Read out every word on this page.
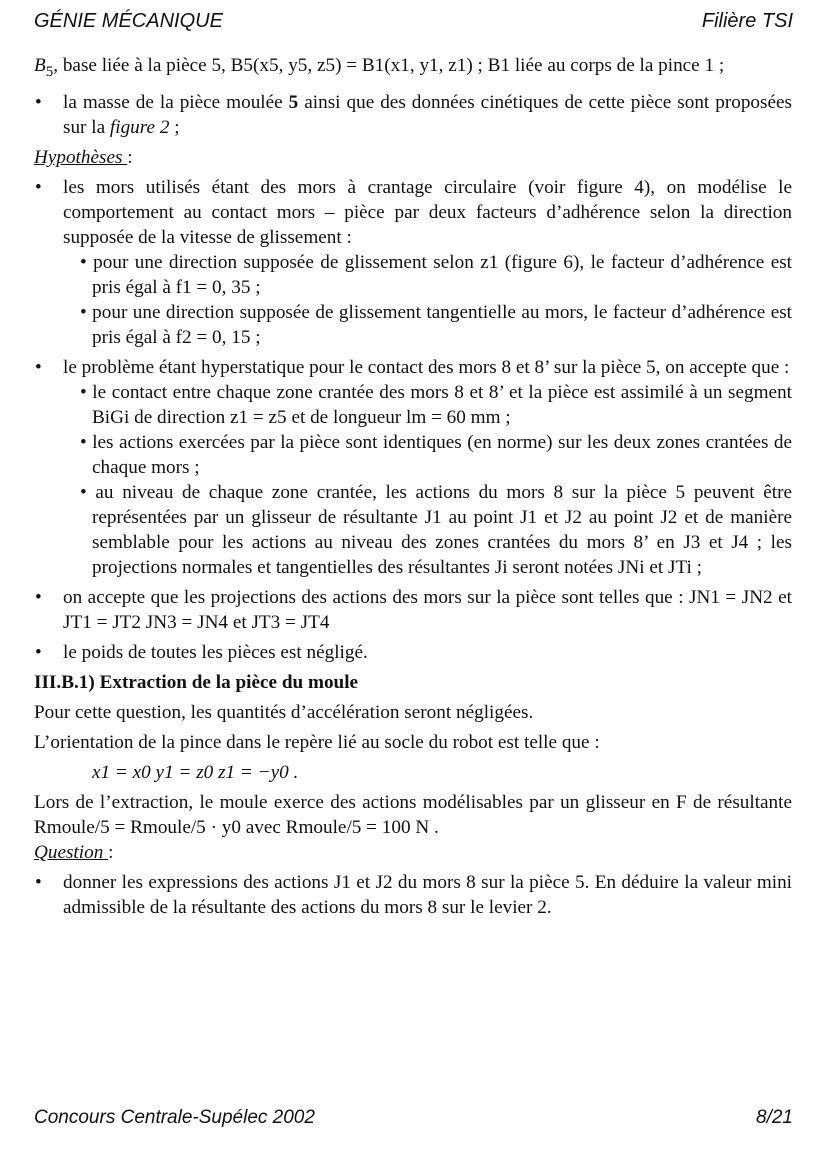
GÉNIE MÉCANIQUE	Filière TSI

$B_5$, base liée à la pièce 5, B5(x5, y5, z5) = B1(x1, y1, z1) ; B1 liée au corps de la pince 1 ;

• la masse de la pièce moulée 5 ainsi que des données cinétiques de cette pièce sont proposées sur la figure 2 ;

Hypothèses :

• les mors utilisés étant des mors à crantage circulaire (voir figure 4), on modélise le comportement au contact mors – pièce par deux facteurs d’adhérence selon la direction supposée de la vitesse de glissement :

• pour une direction supposée de glissement selon z1 (figure 6), le facteur d’adhérence est pris égal à f1 = 0, 35 ;

• pour une direction supposée de glissement tangentielle au mors, le facteur d’adhérence est pris égal à f2 = 0, 15 ;

• le problème étant hyperstatique pour le contact des mors 8 et 8’ sur la pièce 5, on accepte que :

• le contact entre chaque zone crantée des mors 8 et 8’ et la pièce est assimilé à un segment BiGi de direction z1 = z5 et de longueur lm = 60 mm ;

• les actions exercées par la pièce sont identiques (en norme) sur les deux zones crantées de chaque mors ;

• au niveau de chaque zone crantée, les actions du mors 8 sur la pièce 5 peuvent être représentées par un glisseur de résultante J1 au point J1 et J2 au point J2 et de manière semblable pour les actions au niveau des zones crantées du mors 8’ en J3 et J4 ; les projections normales et tangentielles des résultantes Ji seront notées JNi et JTi ;

• on accepte que les projections des actions des mors sur la pièce sont telles que : JN1 = JN2 et JT1 = JT2 JN3 = JN4 et JT3 = JT4

• le poids de toutes les pièces est négligé.

III.B.1) Extraction de la pièce du moule

Pour cette question, les quantités d’accélération seront négligées.

L’orientation de la pince dans le repère lié au socle du robot est telle que :

x1 = x0 y1 = z0 z1 = −y0 .

Lors de l’extraction, le moule exerce des actions modélisables par un glisseur en F de résultante Rmoule/5 = Rmoule/5 · y0 avec Rmoule/5 = 100 N .

Question :

• donner les expressions des actions J1 et J2 du mors 8 sur la pièce 5. En déduire la valeur mini admissible de la résultante des actions du mors 8 sur le levier 2.

Concours Centrale-Supélec 2002	8/21
